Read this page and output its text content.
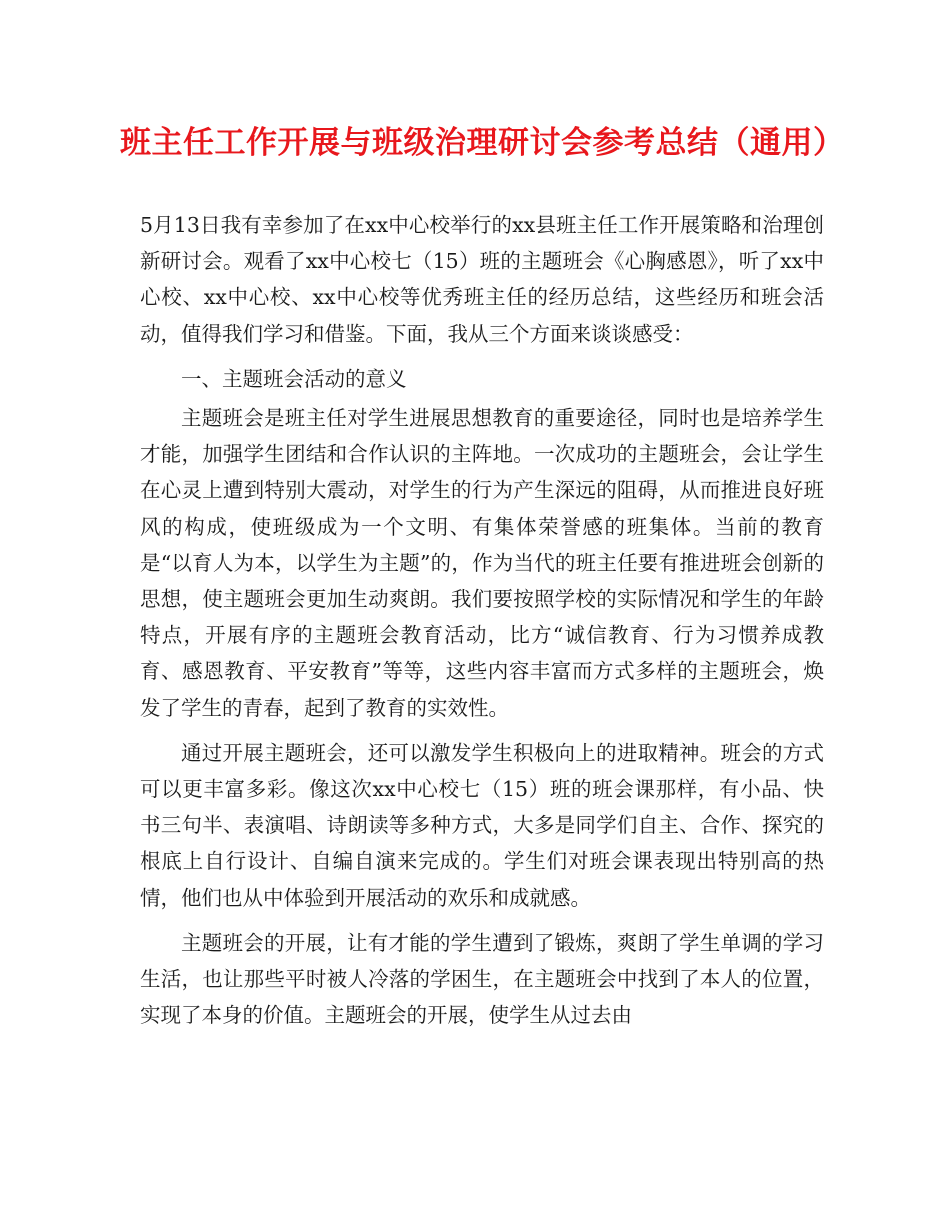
班主任工作开展与班级治理研讨会参考总结（通用）

5月13日我有幸参加了在xx中心校举行的xx县班主任工作开展策略和治理创新研讨会。观看了xx中心校七（15）班的主题班会《心胸感恩》，听了xx中心校、xx中心校、xx中心校等优秀班主任的经历总结，这些经历和班会活动，值得我们学习和借鉴。下面，我从三个方面来谈谈感受：

一、主题班会活动的意义

主题班会是班主任对学生进展思想教育的重要途径，同时也是培养学生才能，加强学生团结和合作认识的主阵地。一次成功的主题班会，会让学生在心灵上遭到特别大震动，对学生的行为产生深远的阻碍，从而推进良好班风的构成，使班级成为一个文明、有集体荣誉感的班集体。当前的教育是“以育人为本，以学生为主题”的，作为当代的班主任要有推进班会创新的思想，使主题班会更加生动爽朗。我们要按照学校的实际情况和学生的年龄特点，开展有序的主题班会教育活动，比方“诚信教育、行为习惯养成教育、感恩教育、平安教育”等等，这些内容丰富而方式多样的主题班会，焕发了学生的青春，起到了教育的实效性。

通过开展主题班会，还可以激发学生积极向上的进取精神。班会的方式可以更丰富多彩。像这次xx中心校七（15）班的班会课那样，有小品、快书三句半、表演唱、诗朗读等多种方式，大多是同学们自主、合作、探究的根底上自行设计、自编自演来完成的。学生们对班会课表现出特别高的热情，他们也从中体验到开展活动的欢乐和成就感。

主题班会的开展，让有才能的学生遭到了锻炼，爽朗了学生单调的学习生活，也让那些平时被人冷落的学困生，在主题班会中找到了本人的位置，实现了本身的价值。主题班会的开展，使学生从过去由
